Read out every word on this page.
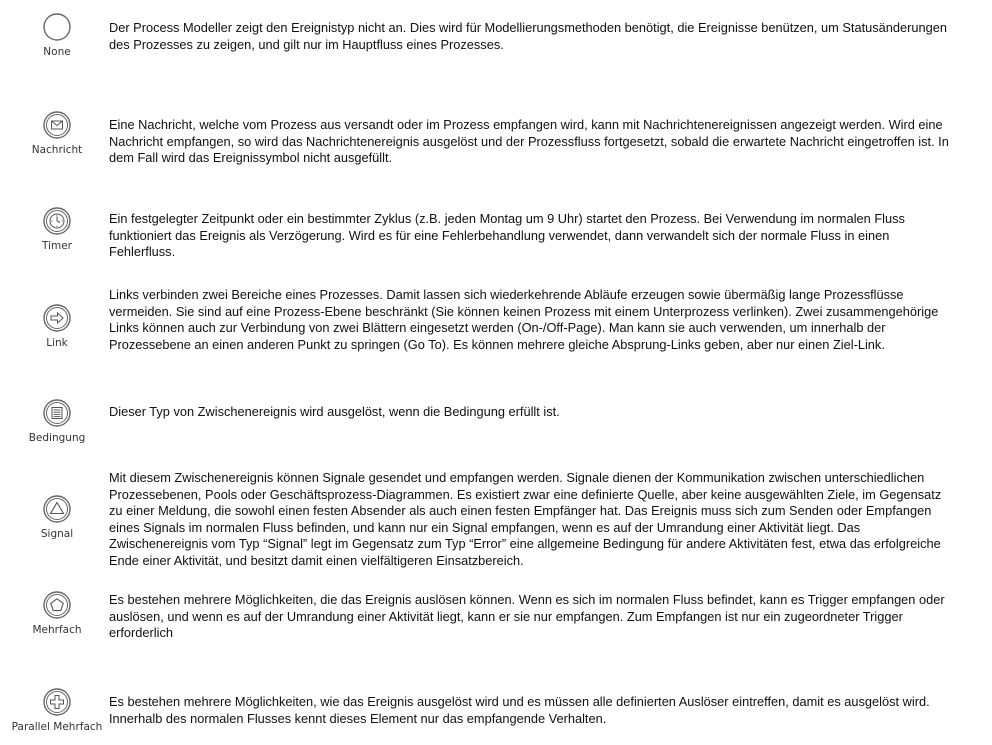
None

Der Process Modeller zeigt den Ereignistyp nicht an. Dies wird für Modellierungsmethoden benötigt, die Ereignisse benützen, um Statusänderungen des Prozesses zu zeigen, und gilt nur im Hauptfluss eines Prozesses.

Nachricht

Eine Nachricht, welche vom Prozess aus versandt oder im Prozess empfangen wird, kann mit Nachrichtenereignissen angezeigt werden. Wird eine Nachricht empfangen, so wird das Nachrichtenereignis ausgelöst und der Prozessfluss fortgesetzt, sobald die erwartete Nachricht eingetroffen ist. In dem Fall wird das Ereignissymbol nicht ausgefüllt.

Timer

Ein festgelegter Zeitpunkt oder ein bestimmter Zyklus (z.B. jeden Montag um 9 Uhr) startet den Prozess. Bei Verwendung im normalen Fluss funktioniert das Ereignis als Verzögerung. Wird es für eine Fehlerbehandlung verwendet, dann verwandelt sich der normale Fluss in einen Fehlerfluss.

Link

Links verbinden zwei Bereiche eines Prozesses. Damit lassen sich wiederkehrende Abläufe erzeugen sowie übermäßig lange Prozessflüsse vermeiden. Sie sind auf eine Prozess-Ebene beschränkt (Sie können keinen Prozess mit einem Unterprozess verlinken). Zwei zusammengehörige Links können auch zur Verbindung von zwei Blättern eingesetzt werden (On-/Off-Page). Man kann sie auch verwenden, um innerhalb der Prozessebene an einen anderen Punkt zu springen (Go To). Es können mehrere gleiche Absprung-Links geben, aber nur einen Ziel-Link.

Bedingung

Dieser Typ von Zwischenereignis wird ausgelöst, wenn die Bedingung erfüllt ist.

Signal

Mit diesem Zwischenereignis können Signale gesendet und empfangen werden. Signale dienen der Kommunikation zwischen unterschiedlichen Prozessebenen, Pools oder Geschäftsprozess-Diagrammen. Es existiert zwar eine definierte Quelle, aber keine ausgewählten Ziele, im Gegensatz zu einer Meldung, die sowohl einen festen Absender als auch einen festen Empfänger hat. Das Ereignis muss sich zum Senden oder Empfangen eines Signals im normalen Fluss befinden, und kann nur ein Signal empfangen, wenn es auf der Umrandung einer Aktivität liegt. Das Zwischenereignis vom Typ “Signal” legt im Gegensatz zum Typ “Error” eine allgemeine Bedingung für andere Aktivitäten fest, etwa das erfolgreiche Ende einer Aktivität, und besitzt damit einen vielfältigeren Einsatzbereich.

Mehrfach

Es bestehen mehrere Möglichkeiten, die das Ereignis auslösen können. Wenn es sich im normalen Fluss befindet, kann es Trigger empfangen oder auslösen, und wenn es auf der Umrandung einer Aktivität liegt, kann er sie nur empfangen. Zum Empfangen ist nur ein zugeordneter Trigger erforderlich

Parallel Mehrfach

Es bestehen mehrere Möglichkeiten, wie das Ereignis ausgelöst wird und es müssen alle definierten Auslöser eintreffen, damit es ausgelöst wird. Innerhalb des normalen Flusses kennt dieses Element nur das empfangende Verhalten.
